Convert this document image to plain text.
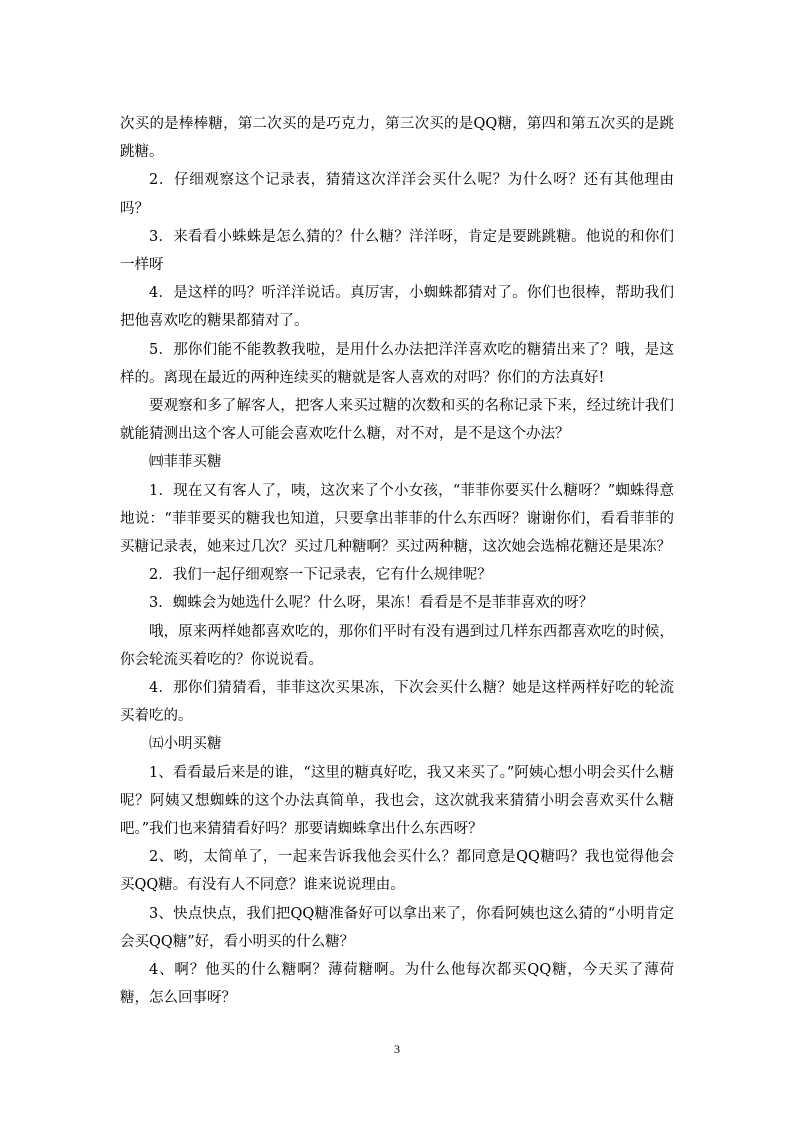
次买的是棒棒糖，第二次买的是巧克力，第三次买的是QQ糖，第四和第五次买的是跳跳糖。

2．仔细观察这个记录表，猜猜这次洋洋会买什么呢？为什么呀？还有其他理由吗？

3．来看看小蛛蛛是怎么猜的？什么糖？洋洋呀，肯定是要跳跳糖。他说的和你们一样呀

4．是这样的吗？听洋洋说话。真厉害，小蜘蛛都猜对了。你们也很棒，帮助我们把他喜欢吃的糖果都猜对了。

5．那你们能不能教教我啦，是用什么办法把洋洋喜欢吃的糖猜出来了？哦，是这样的。离现在最近的两种连续买的糖就是客人喜欢的对吗？你们的方法真好!

要观察和多了解客人，把客人来买过糖的次数和买的名称记录下来，经过统计我们就能猜测出这个客人可能会喜欢吃什么糖，对不对，是不是这个办法？

㈣菲菲买糖

1．现在又有客人了，咦，这次来了个小女孩，“菲菲你要买什么糖呀？”蜘蛛得意地说：“菲菲要买的糖我也知道，只要拿出菲菲的什么东西呀？谢谢你们，看看菲菲的买糖记录表，她来过几次？买过几种糖啊？买过两种糖，这次她会选棉花糖还是果冻？

2．我们一起仔细观察一下记录表，它有什么规律呢？

3．蜘蛛会为她选什么呢？什么呀，果冻！看看是不是菲菲喜欢的呀？

哦，原来两样她都喜欢吃的，那你们平时有没有遇到过几样东西都喜欢吃的时候，你会轮流买着吃的？你说说看。

4．那你们猜猜看，菲菲这次买果冻，下次会买什么糖？她是这样两样好吃的轮流买着吃的。

㈤小明买糖

1、看看最后来是的谁，“这里的糖真好吃，我又来买了。”阿姨心想小明会买什么糖呢？阿姨又想蜘蛛的这个办法真简单，我也会，这次就我来猜猜小明会喜欢买什么糖吧。”我们也来猜猜看好吗？那要请蜘蛛拿出什么东西呀？

2、哟，太简单了，一起来告诉我他会买什么？都同意是QQ糖吗？我也觉得他会买QQ糖。有没有人不同意？谁来说说理由。

3、快点快点，我们把QQ糖准备好可以拿出来了，你看阿姨也这么猜的“小明肯定会买QQ糖”好，看小明买的什么糖？

4、啊？他买的什么糖啊？薄荷糖啊。为什么他每次都买QQ糖，今天买了薄荷糖，怎么回事呀？

3
